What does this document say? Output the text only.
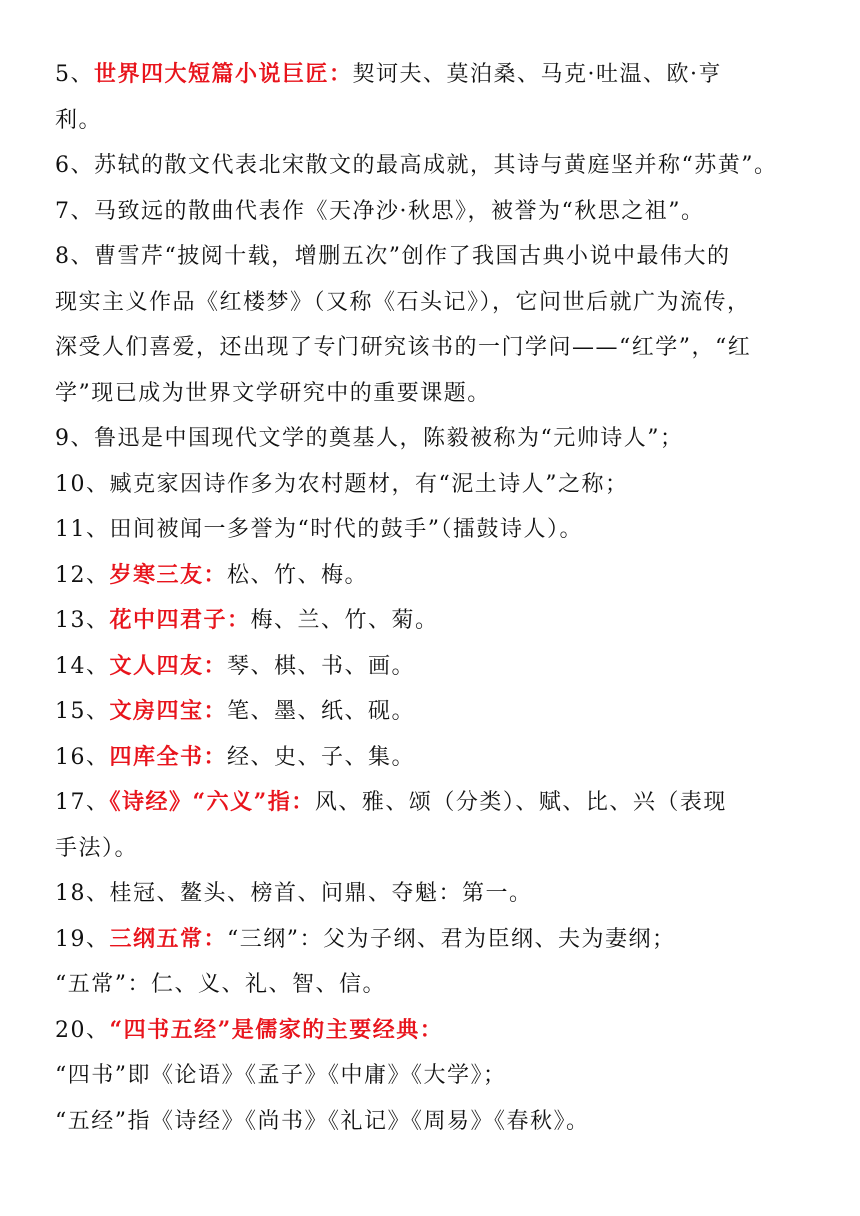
5、世界四大短篇小说巨匠：契诃夫、莫泊桑、马克·吐温、欧·亨
利。
6、苏轼的散文代表北宋散文的最高成就，其诗与黄庭坚并称“苏黄”。
7、马致远的散曲代表作《天净沙·秋思》，被誉为“秋思之祖”。
8、曹雪芹“披阅十载，增删五次”创作了我国古典小说中最伟大的
现实主义作品《红楼梦》（又称《石头记》），它问世后就广为流传，
深受人们喜爱，还出现了专门研究该书的一门学问——“红学”，“红
学”现已成为世界文学研究中的重要课题。
9、鲁迅是中国现代文学的奠基人，陈毅被称为“元帅诗人”；
10、臧克家因诗作多为农村题材，有“泥土诗人”之称；
11、田间被闻一多誉为“时代的鼓手”（擂鼓诗人）。
12、岁寒三友：松、竹、梅。
13、花中四君子：梅、兰、竹、菊。
14、文人四友：琴、棋、书、画。
15、文房四宝：笔、墨、纸、砚。
16、四库全书：经、史、子、集。
17、《诗经》“六义”指：风、雅、颂（分类）、赋、比、兴（表现
手法）。
18、桂冠、鳌头、榜首、问鼎、夺魁：第一。
19、三纲五常：“三纲”：父为子纲、君为臣纲、夫为妻纲；
“五常”：仁、义、礼、智、信。
20、“四书五经”是儒家的主要经典：
“四书”即《论语》《孟子》《中庸》《大学》；
“五经”指《诗经》《尚书》《礼记》《周易》《春秋》。
